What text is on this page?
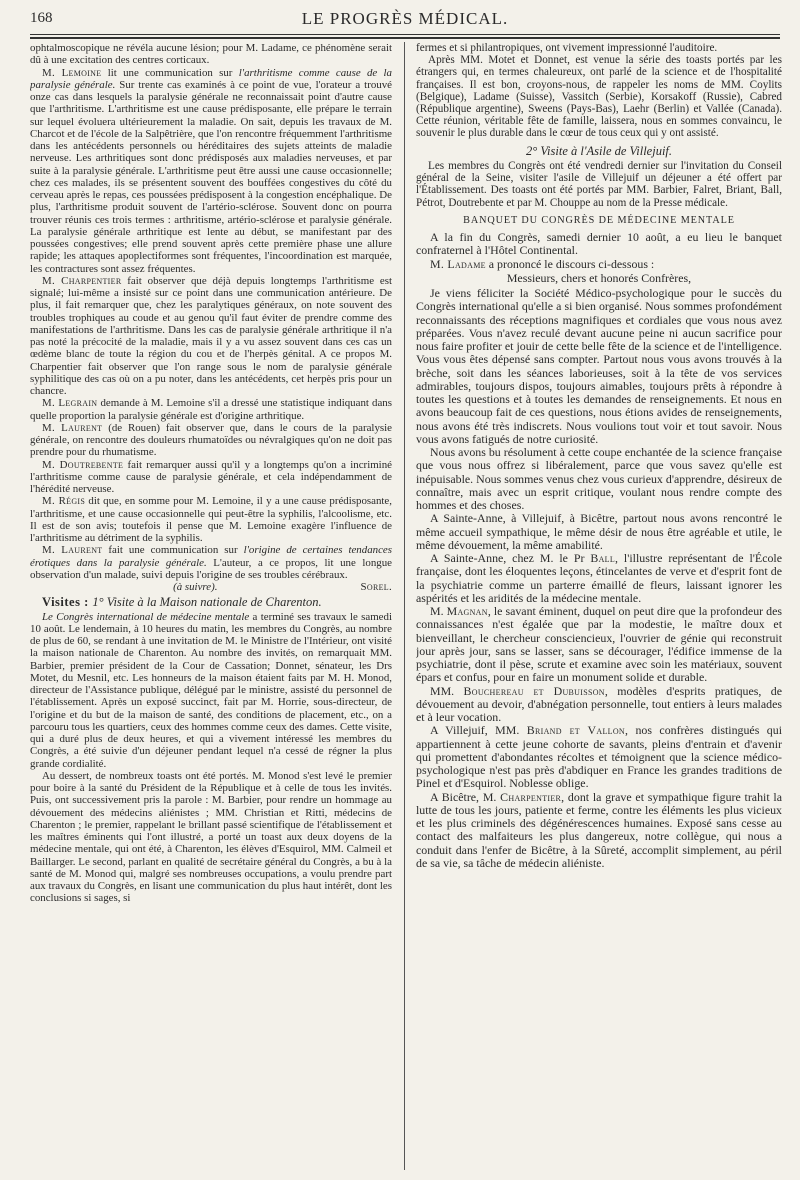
168	LE PROGRÈS MÉDICAL.

ophtalmoscopique ne révéla aucune lésion; pour M. Ladame, ce phénomène serait dû à une excitation des centres corticaux.

M. Lemoine lit une communication sur l'arthritisme comme cause de la paralysie générale. Sur trente cas examinés à ce point de vue, l'orateur a trouvé onze cas dans lesquels la paralysie générale ne reconnaissait point d'autre cause que l'arthritisme. L'arthritisme est une cause prédisposante, elle prépare le terrain sur lequel évoluera ultérieurement la maladie. On sait, depuis les travaux de M. Charcot et de l'école de la Salpêtrière, que l'on rencontre fréquemment l'arthritisme dans les antécédents personnels ou héréditaires des sujets atteints de maladie nerveuse. Les arthritiques sont donc prédisposés aux maladies nerveuses, et par suite à la paralysie générale. L'arthritisme peut être aussi une cause occasionnelle; chez ces malades, ils se présentent souvent des bouffées congestives du côté du cerveau après le repas, ces poussées prédisposent à la congestion encéphalique. De plus, l'arthritisme produit souvent de l'artério-sclérose. Souvent donc on pourra trouver réunis ces trois termes : arthritisme, artério-sclérose et paralysie générale. La paralysie générale arthritique est lente au début, se manifestant par des poussées congestives; elle prend souvent après cette première phase une allure rapide; les attaques apoplectiformes sont fréquentes, l'incoordination est marquée, les contractures sont assez fréquentes.

M. Charpentier fait observer que déjà depuis longtemps l'arthritisme est signalé; lui-même a insisté sur ce point dans une communication antérieure. De plus, il fait remarquer que, chez les paralytiques généraux, on note souvent des troubles trophiques au coude et au genou qu'il faut éviter de prendre comme des manifestations de l'arthritisme. Dans les cas de paralysie générale arthritique il n'a pas noté la précocité de la maladie, mais il y a vu assez souvent dans ces cas un œdème blanc de toute la région du cou et de l'herpès génital. A ce propos M. Charpentier fait observer que l'on range sous le nom de paralysie générale syphilitique des cas où on a pu noter, dans les antécédents, cet herpès pris pour un chancre.

M. Legrain demande à M. Lemoine s'il a dressé une statistique indiquant dans quelle proportion la paralysie générale est d'origine arthritique.

M. Laurent (de Rouen) fait observer que, dans le cours de la paralysie générale, on rencontre des douleurs rhumatoïdes ou névralgiques qu'on ne doit pas prendre pour du rhumatisme.

M. Doutrebente fait remarquer aussi qu'il y a longtemps qu'on a incriminé l'arthritisme comme cause de paralysie générale, et cela indépendamment de l'hérédité nerveuse.

M. Régis dit que, en somme pour M. Lemoine, il y a une cause prédisposante, l'arthritisme, et une cause occasionnelle qui peut-être la syphilis, l'alcoolisme, etc. Il est de son avis; toutefois il pense que M. Lemoine exagère l'influence de l'arthritisme au détriment de la syphilis.

M. Laurent fait une communication sur l'origine de certaines tendances érotiques dans la paralysie générale. L'auteur, a ce propos, lit une longue observation d'un malade, suivi depuis l'origine de ses troubles cérébraux.

(à suivre).	Sorel.
Visites : 1° Visite à la Maison nationale de Charenton.

Le Congrès international de médecine mentale a terminé ses travaux le samedi 10 août. Le lendemain, à 10 heures du matin, les membres du Congrès, au nombre de plus de 60, se rendant à une invitation de M. le Ministre de l'Intérieur, ont visité la maison nationale de Charenton. Au nombre des invités, on remarquait MM. Barbier, premier président de la Cour de Cassation; Donnet, sénateur, les Drs Motet, du Mesnil, etc. Les honneurs de la maison étaient faits par M. H. Monod, directeur de l'Assistance publique, délégué par le ministre, assisté du personnel de l'établissement. Après un exposé succinct, fait par M. Horrie, sous-directeur, de l'origine et du but de la maison de santé, des conditions de placement, etc., on a parcouru tous les quartiers, ceux des hommes comme ceux des dames. Cette visite, qui a duré plus de deux heures, et qui a vivement intéressé les membres du Congrès, a été suivie d'un déjeuner pendant lequel n'a cessé de régner la plus grande cordialité.

Au dessert, de nombreux toasts ont été portés. M. Monod s'est levé le premier pour boire à la santé du Président de la République et à celle de tous les invités. Puis, ont successivement pris la parole : M. Barbier, pour rendre un hommage au dévouement des médecins aliénistes ; MM. Christian et Ritti, médecins de Charenton ; le premier, rappelant le brillant passé scientifique de l'établissement et les maîtres éminents qui l'ont illustré, a porté un toast aux deux doyens de la médecine mentale, qui ont été, à Charenton, les élèves d'Esquirol, MM. Calmeil et Baillarger. Le second, parlant en qualité de secrétaire général du Congrès, a bu à la santé de M. Monod qui, malgré ses nombreuses occupations, a voulu prendre part aux travaux du Congrès, en lisant une communication du plus haut intérêt, dont les conclusions si sages, si

fermes et si philantropiques, ont vivement impressionné l'auditoire.

Après MM. Motet et Donnet, est venue la série des toasts portés par les étrangers qui, en termes chaleureux, ont parlé de la science et de l'hospitalité françaises. Il est bon, croyons-nous, de rappeler les noms de MM. Coylits (Belgique), Ladame (Suisse), Vassitch (Serbie), Korsakoff (Russie), Cabred (République argentine), Sweens (Pays-Bas), Laehr (Berlin) et Vallée (Canada). Cette réunion, véritable fête de famille, laissera, nous en sommes convaincu, le souvenir le plus durable dans le cœur de tous ceux qui y ont assisté.

2° Visite à l'Asile de Villejuif.

Les membres du Congrès ont été vendredi dernier sur l'invitation du Conseil général de la Seine, visiter l'asile de Villejuif un déjeuner a été offert par l'Établissement. Des toasts ont été portés par MM. Barbier, Falret, Briant, Ball, Pétrot, Doutrebente et par M. Chouppe au nom de la Presse médicale.

BANQUET DU CONGRÈS DE MÉDECINE MENTALE

A la fin du Congrès, samedi dernier 10 août, a eu lieu le banquet confraternel à l'Hôtel Continental.

M. Ladame a prononcé le discours ci-dessous :

Messieurs, chers et honorés Confrères,

Je viens féliciter la Société Médico-psychologique pour le succès du Congrès international qu'elle a si bien organisé. Nous sommes profondément reconnaissants des réceptions magnifiques et cordiales que vous nous avez préparées. Vous n'avez reculé devant aucune peine ni aucun sacrifice pour nous faire profiter et jouir de cette belle fête de la science et de l'intelligence. Vous vous êtes dépensé sans compter. Partout nous vous avons trouvés à la brèche, soit dans les séances laborieuses, soit à la tête de vos services admirables, toujours dispos, toujours aimables, toujours prêts à répondre à toutes les questions et à toutes les demandes de renseignements. Et nous en avons beaucoup fait de ces questions, nous étions avides de renseignements, nous avons été très indiscrets. Nous voulions tout voir et tout savoir. Nous vous avons fatigués de notre curiosité.

Nous avons bu résolument à cette coupe enchantée de la science française que vous nous offrez si libéralement, parce que vous savez qu'elle est inépuisable. Nous sommes venus chez vous curieux d'apprendre, désireux de connaître, mais avec un esprit critique, voulant nous rendre compte des hommes et des choses.

A Sainte-Anne, à Villejuif, à Bicêtre, partout nous avons rencontré le même accueil sympathique, le même désir de nous être agréable et utile, le même dévouement, la même amabilité.

A Sainte-Anne, chez M. le Pr Ball, l'illustre représentant de l'École française, dont les éloquentes leçons, étincelantes de verve et d'esprit font de la psychiatrie comme un parterre émaillé de fleurs, laissant ignorer les aspérités et les aridités de la médecine mentale.

M. Magnan, le savant éminent, duquel on peut dire que la profondeur des connaissances n'est égalée que par la modestie, le maître doux et bienveillant, le chercheur consciencieux, l'ouvrier de génie qui reconstruit jour après jour, sans se lasser, sans se décourager, l'édifice immense de la psychiatrie, dont il pèse, scrute et examine avec soin les matériaux, souvent épars et confus, pour en faire un monument solide et durable.

MM. Bouchereau et Dubuisson, modèles d'esprits pratiques, de dévouement au devoir, d'abnégation personnelle, tout entiers à leurs malades et à leur vocation.

A Villejuif, MM. Briand et Vallon, nos confrères distingués qui appartiennent à cette jeune cohorte de savants, pleins d'entrain et d'avenir qui promettent d'abondantes récoltes et témoignent que la science médico-psychologique n'est pas près d'abdiquer en France les grandes traditions de Pinel et d'Esquirol. Noblesse oblige.

A Bicêtre, M. Charpentier, dont la grave et sympathique figure trahit la lutte de tous les jours, patiente et ferme, contre les éléments les plus vicieux et les plus criminels des dégénérescences humaines. Exposé sans cesse au contact des malfaiteurs les plus dangereux, notre collègue, qui nous a conduit dans l'enfer de Bicêtre, à la Sûreté, accomplit simplement, au péril de sa vie, sa tâche de médecin aliéniste.
